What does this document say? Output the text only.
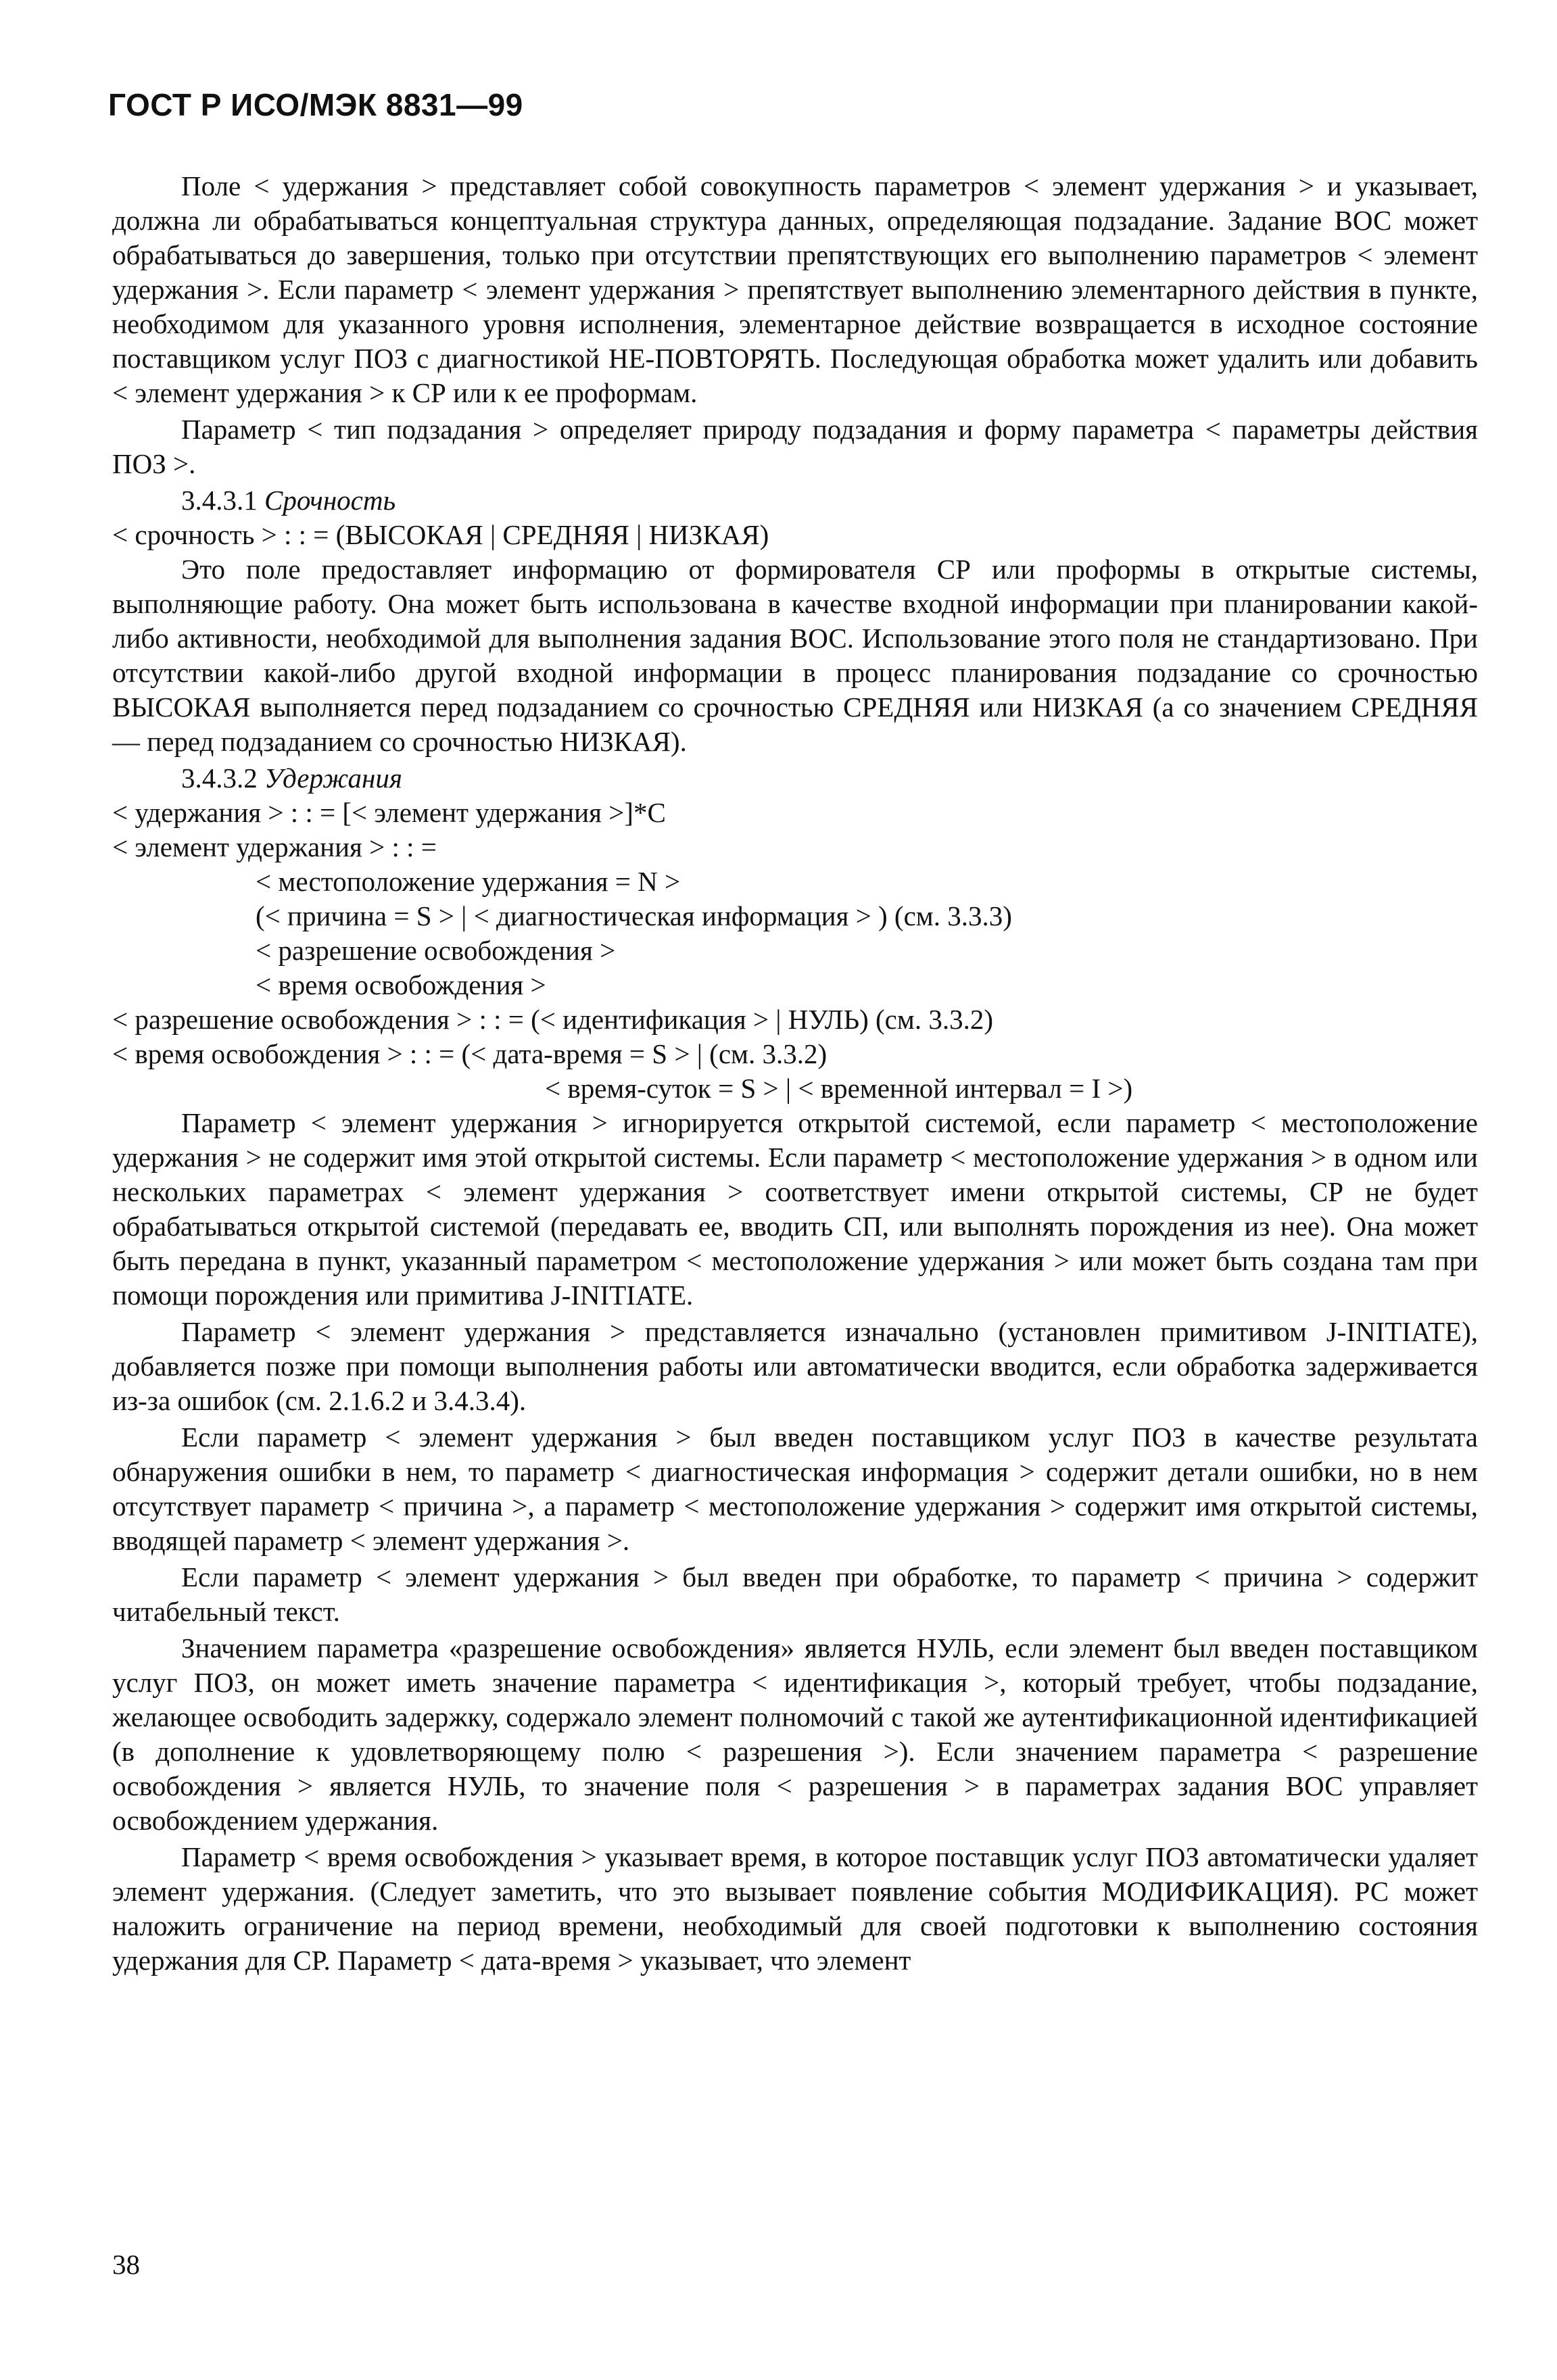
ГОСТ Р ИСО/МЭК 8831—99

Поле < удержания > представляет собой совокупность параметров < элемент удержания > и указывает, должна ли обрабатываться концептуальная структура данных, определяющая подзадание. Задание ВОС может обрабатываться до завершения, только при отсутствии препятствующих его выполнению параметров < элемент удержания >. Если параметр < элемент удержания > препятствует выполнению элементарного действия в пункте, необходимом для указанного уровня исполнения, элементарное действие возвращается в исходное состояние поставщиком услуг ПОЗ с диагностикой НЕ-ПОВТОРЯТЬ. Последующая обработка может удалить или добавить < элемент удержания > к СР или к ее проформам.

Параметр < тип подзадания > определяет природу подзадания и форму параметра < параметры действия ПОЗ >.

3.4.3.1 Срочность

< срочность > : : = (ВЫСОКАЯ | СРЕДНЯЯ | НИЗКАЯ)

Это поле предоставляет информацию от формирователя СР или проформы в открытые системы, выполняющие работу. Она может быть использована в качестве входной информации при планировании какой-либо активности, необходимой для выполнения задания ВОС. Использование этого поля не стандартизовано. При отсутствии какой-либо другой входной информации в процесс планирования подзадание со срочностью ВЫСОКАЯ выполняется перед подзаданием со срочностью СРЕДНЯЯ или НИЗКАЯ (а со значением СРЕДНЯЯ — перед подзаданием со срочностью НИЗКАЯ).

3.4.3.2 Удержания

< удержания > : : = [< элемент удержания >]*C

< элемент удержания > : : =

< местоположение удержания = N >

(< причина = S > | < диагностическая информация > ) (см. 3.3.3)

< разрешение освобождения >

< время освобождения >

< разрешение освобождения > : : = (< идентификация > | НУЛЬ) (см. 3.3.2)

< время освобождения > : : = (< дата-время = S > | (см. 3.3.2)

< время-суток = S > | < временной интервал = I >)

Параметр < элемент удержания > игнорируется открытой системой, если параметр < местоположение удержания > не содержит имя этой открытой системы. Если параметр < местоположение удержания > в одном или нескольких параметрах < элемент удержания > соответствует имени открытой системы, СР не будет обрабатываться открытой системой (передавать ее, вводить СП, или выполнять порождения из нее). Она может быть передана в пункт, указанный параметром < местоположение удержания > или может быть создана там при помощи порождения или примитива J-INITIATE.

Параметр < элемент удержания > представляется изначально (установлен примитивом J-INITIATE), добавляется позже при помощи выполнения работы или автоматически вводится, если обработка задерживается из-за ошибок (см. 2.1.6.2 и 3.4.3.4).

Если параметр < элемент удержания > был введен поставщиком услуг ПОЗ в качестве результата обнаружения ошибки в нем, то параметр < диагностическая информация > содержит детали ошибки, но в нем отсутствует параметр < причина >, а параметр < местоположение удержания > содержит имя открытой системы, вводящей параметр < элемент удержания >.

Если параметр < элемент удержания > был введен при обработке, то параметр < причина > содержит читабельный текст.

Значением параметра «разрешение освобождения» является НУЛЬ, если элемент был введен поставщиком услуг ПОЗ, он может иметь значение параметра < идентификация >, который требует, чтобы подзадание, желающее освободить задержку, содержало элемент полномочий с такой же аутентификационной идентификацией (в дополнение к удовлетворяющему полю < разрешения >). Если значением параметра < разрешение освобождения > является НУЛЬ, то значение поля < разрешения > в параметрах задания ВОС управляет освобождением удержания.

Параметр < время освобождения > указывает время, в которое поставщик услуг ПОЗ автоматически удаляет элемент удержания. (Следует заметить, что это вызывает появление события МОДИФИКАЦИЯ). РС может наложить ограничение на период времени, необходимый для своей подготовки к выполнению состояния удержания для СР. Параметр < дата-время > указывает, что элемент

38
